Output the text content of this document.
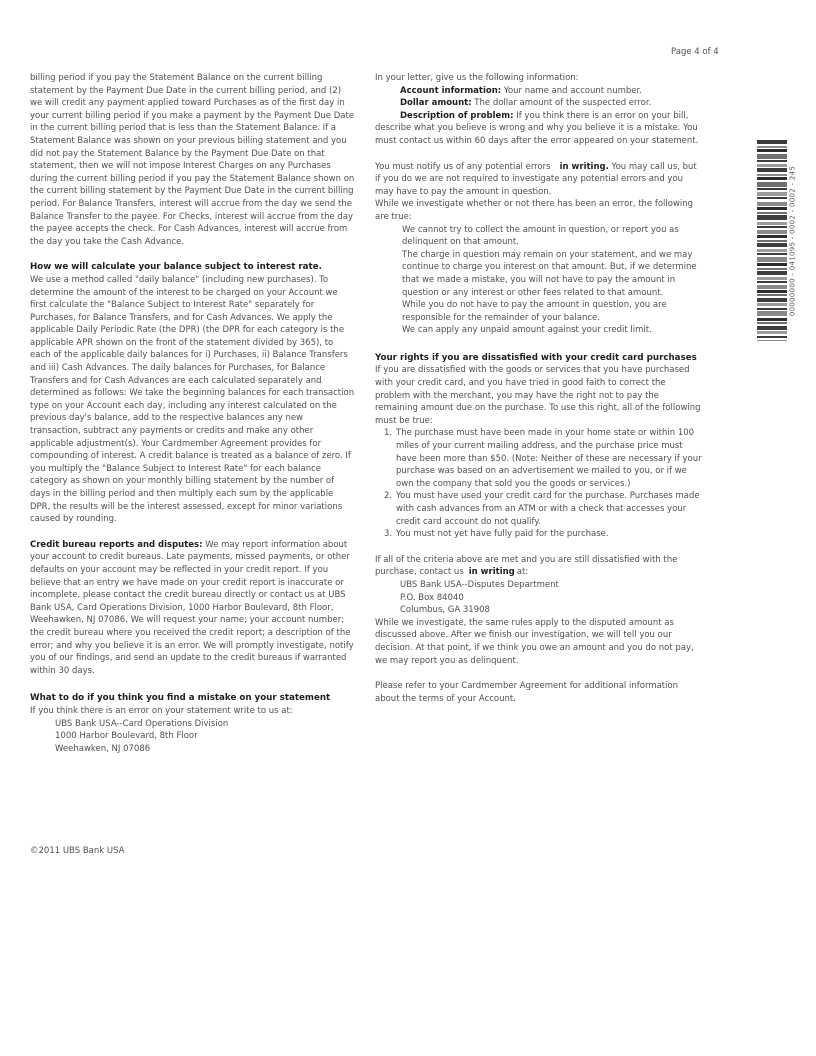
Page 4 of 4

billing period if you pay the Statement Balance on the current billing statement by the Payment Due Date in the current billing period, and (2) we will credit any payment applied toward Purchases as of the first day in your current billing period if you make a payment by the Payment Due Date in the current billing period that is less than the Statement Balance. If a Statement Balance was shown on your previous billing statement and you did not pay the Statement Balance by the Payment Due Date on that statement, then we will not impose Interest Charges on any Purchases during the current billing period if you pay the Statement Balance shown on the current billing statement by the Payment Due Date in the current billing period. For Balance Transfers, interest will accrue from the day we send the Balance Transfer to the payee. For Checks, interest will accrue from the day the payee accepts the check. For Cash Advances, interest will accrue from the day you take the Cash Advance.

How we will calculate your balance subject to interest rate.

We use a method called "daily balance" (including new purchases). To determine the amount of the interest to be charged on your Account we first calculate the "Balance Subject to Interest Rate" separately for Purchases, for Balance Transfers, and for Cash Advances. We apply the applicable Daily Periodic Rate (the DPR) (the DPR for each category is the applicable APR shown on the front of the statement divided by 365), to each of the applicable daily balances for i) Purchases, ii) Balance Transfers and iii) Cash Advances. The daily balances for Purchases, for Balance Transfers and for Cash Advances are each calculated separately and determined as follows: We take the beginning balances for each transaction type on your Account each day, including any interest calculated on the previous day's balance, add to the respective balances any new transaction, subtract any payments or credits and make any other applicable adjustment(s). Your Cardmember Agreement provides for compounding of interest. A credit balance is treated as a balance of zero. If you multiply the "Balance Subject to Interest Rate" for each balance category as shown on your monthly billing statement by the number of days in the billing period and then multiply each sum by the applicable DPR, the results will be the interest assessed, except for minor variations caused by rounding.

Credit bureau reports and disputes: We may report information about your account to credit bureaus. Late payments, missed payments, or other defaults on your account may be reflected in your credit report. If you believe that an entry we have made on your credit report is inaccurate or incomplete, please contact the credit bureau directly or contact us at UBS Bank USA, Card Operations Division, 1000 Harbor Boulevard, 8th Floor, Weehawken, NJ 07086. We will request your name; your account number; the credit bureau where you received the credit report; a description of the error; and why you believe it is an error. We will promptly investigate, notify you of our findings, and send an update to the credit bureaus if warranted within 30 days.

What to do if you think you find a mistake on your statement

If you think there is an error on your statement write to us at:

UBS Bank USA--Card Operations Division

1000 Harbor Boulevard, 8th Floor

Weehawken, NJ 07086

In your letter, give us the following information:

Account information: Your name and account number.

Dollar amount: The dollar amount of the suspected error.

Description of problem: If you think there is an error on your bill, describe what you believe is wrong and why you believe it is a mistake. You must contact us within 60 days after the error appeared on your statement.

You must notify us of any potential errors in writing. You may call us, but if you do we are not required to investigate any potential errors and you may have to pay the amount in question.

While we investigate whether or not there has been an error, the following are true:

We cannot try to collect the amount in question, or report you as delinquent on that amount.

The charge in question may remain on your statement, and we may continue to charge you interest on that amount. But, if we determine that we made a mistake, you will not have to pay the amount in question or any interest or other fees related to that amount.

While you do not have to pay the amount in question, you are responsible for the remainder of your balance.

We can apply any unpaid amount against your credit limit.

Your rights if you are dissatisfied with your credit card purchases

If you are dissatisfied with the goods or services that you have purchased with your credit card, and you have tried in good faith to correct the problem with the merchant, you may have the right not to pay the remaining amount due on the purchase. To use this right, all of the following must be true:

1. The purchase must have been made in your home state or within 100 miles of your current mailing address, and the purchase price must have been more than $50. (Note: Neither of these are necessary if your purchase was based on an advertisement we mailed to you, or if we own the company that sold you the goods or services.)

2. You must have used your credit card for the purchase. Purchases made with cash advances from an ATM or with a check that accesses your credit card account do not qualify.

3. You must not yet have fully paid for the purchase.

If all of the criteria above are met and you are still dissatisfied with the purchase, contact us in writing at:

UBS Bank USA--Disputes Department

P.O. Box 84040

Columbus, GA 31908

While we investigate, the same rules apply to the disputed amount as discussed above. After we finish our investigation, we will tell you our decision. At that point, if we think you owe an amount and you do not pay, we may report you as delinquent.

Please refer to your Cardmember Agreement for additional information about the terms of your Account.

00000000 - 041095 - 0002 - 0002 - 245
©2011 UBS Bank USA
